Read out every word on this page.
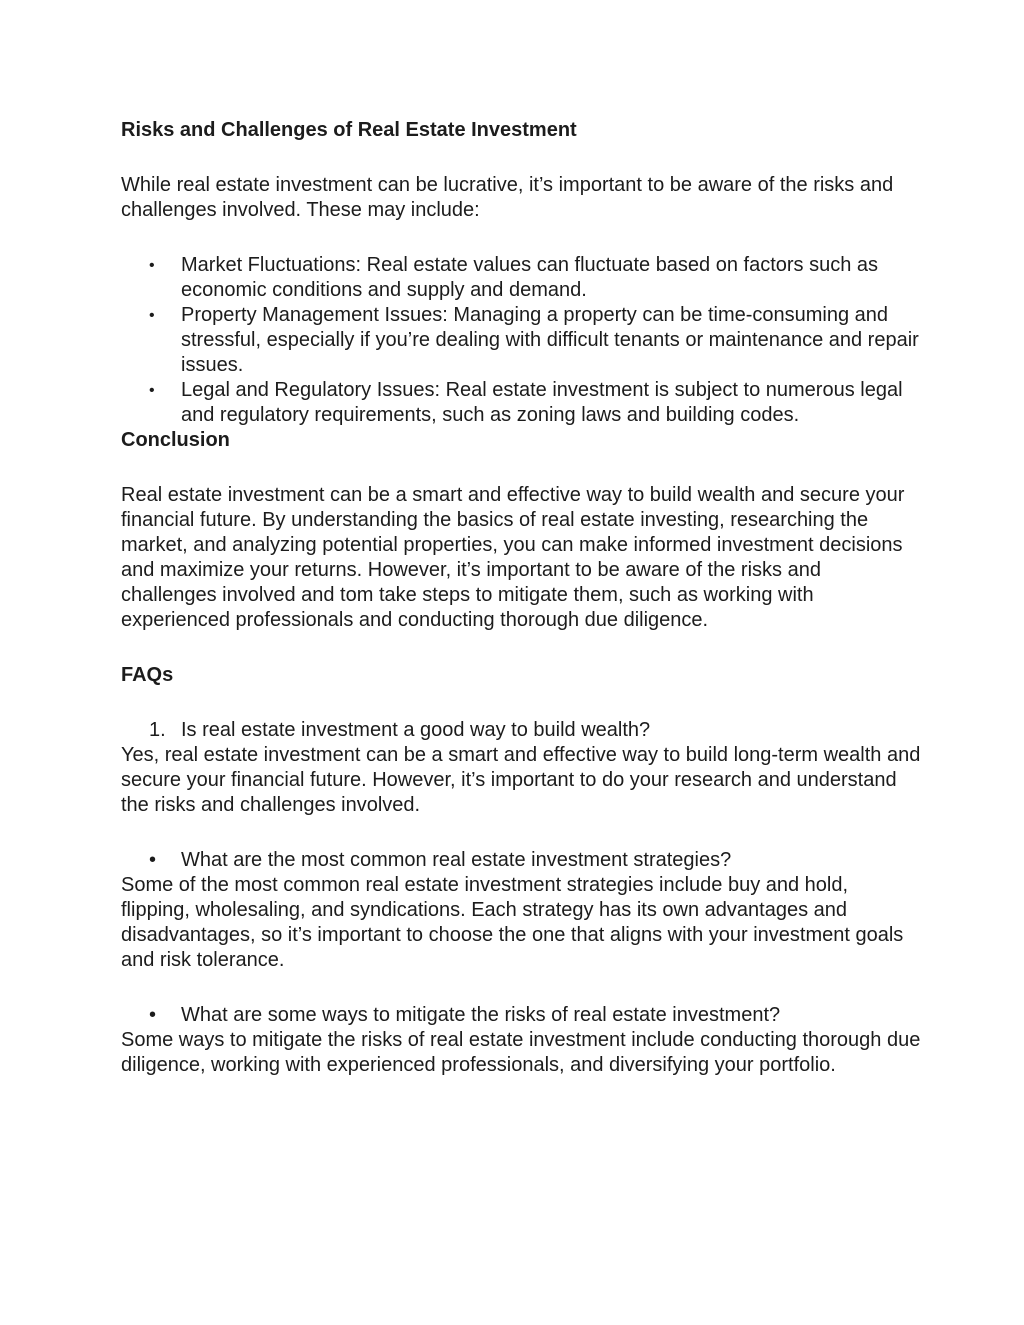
Risks and Challenges of Real Estate Investment

While real estate investment can be lucrative, it’s important to be aware of the risks and challenges involved. These may include:

• Market Fluctuations: Real estate values can fluctuate based on factors such as economic conditions and supply and demand.
• Property Management Issues: Managing a property can be time-consuming and stressful, especially if you’re dealing with difficult tenants or maintenance and repair issues.
• Legal and Regulatory Issues: Real estate investment is subject to numerous legal and regulatory requirements, such as zoning laws and building codes.

Conclusion

Real estate investment can be a smart and effective way to build wealth and secure your financial future. By understanding the basics of real estate investing, researching the market, and analyzing potential properties, you can make informed investment decisions and maximize your returns. However, it’s important to be aware of the risks and challenges involved and tom take steps to mitigate them, such as working with experienced professionals and conducting thorough due diligence.

FAQs

1. Is real estate investment a good way to build wealth?

Yes, real estate investment can be a smart and effective way to build long-term wealth and secure your financial future. However, it’s important to do your research and understand the risks and challenges involved.

• What are the most common real estate investment strategies?

Some of the most common real estate investment strategies include buy and hold, flipping, wholesaling, and syndications. Each strategy has its own advantages and disadvantages, so it’s important to choose the one that aligns with your investment goals and risk tolerance.

• What are some ways to mitigate the risks of real estate investment?

Some ways to mitigate the risks of real estate investment include conducting thorough due diligence, working with experienced professionals, and diversifying your portfolio.
